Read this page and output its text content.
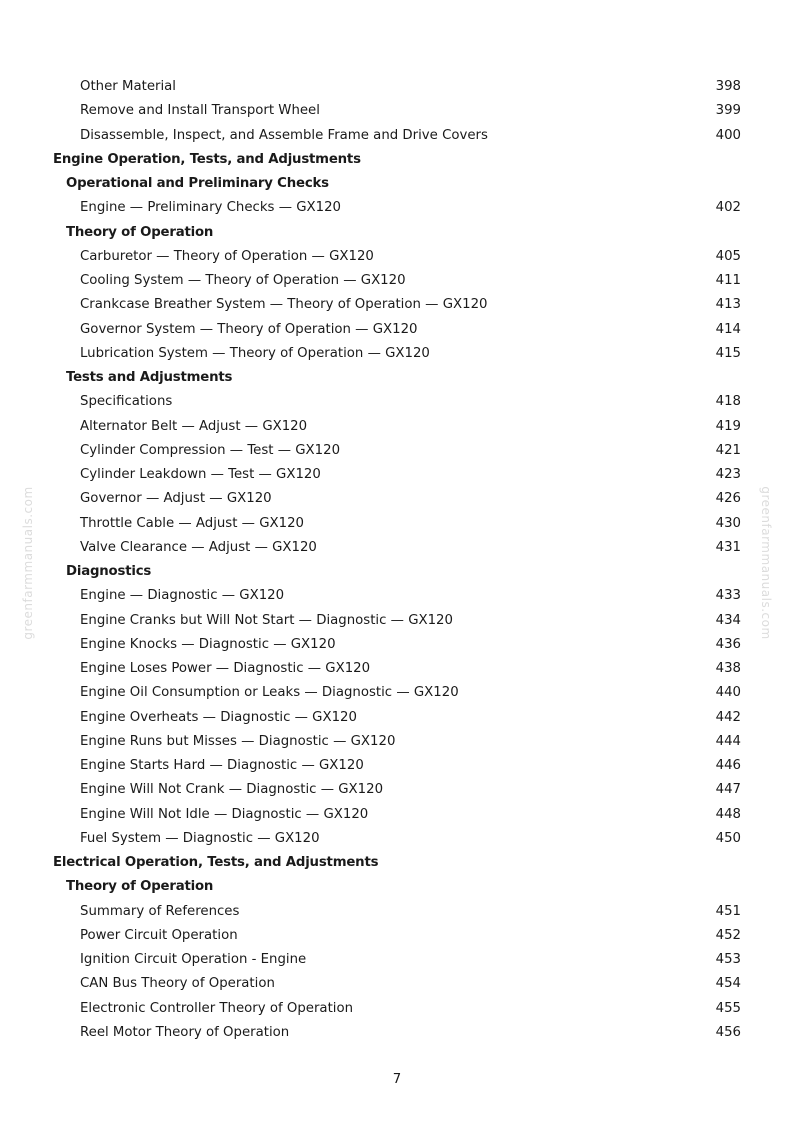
Other Material	398
Remove and Install Transport Wheel	399
Disassemble, Inspect, and Assemble Frame and Drive Covers	400
Engine Operation, Tests, and Adjustments
Operational and Preliminary Checks
Engine — Preliminary Checks — GX120	402
Theory of Operation
Carburetor — Theory of Operation — GX120	405
Cooling System — Theory of Operation — GX120	411
Crankcase Breather System — Theory of Operation — GX120	413
Governor System — Theory of Operation — GX120	414
Lubrication System — Theory of Operation — GX120	415
Tests and Adjustments
Specifications	418
Alternator Belt — Adjust — GX120	419
Cylinder Compression — Test — GX120	421
Cylinder Leakdown — Test — GX120	423
Governor — Adjust — GX120	426
Throttle Cable — Adjust — GX120	430
Valve Clearance — Adjust — GX120	431
Diagnostics
Engine — Diagnostic — GX120	433
Engine Cranks but Will Not Start — Diagnostic — GX120	434
Engine Knocks — Diagnostic — GX120	436
Engine Loses Power — Diagnostic — GX120	438
Engine Oil Consumption or Leaks — Diagnostic — GX120	440
Engine Overheats — Diagnostic — GX120	442
Engine Runs but Misses — Diagnostic — GX120	444
Engine Starts Hard — Diagnostic — GX120	446
Engine Will Not Crank — Diagnostic — GX120	447
Engine Will Not Idle — Diagnostic — GX120	448
Fuel System — Diagnostic — GX120	450
Electrical Operation, Tests, and Adjustments
Theory of Operation
Summary of References	451
Power Circuit Operation	452
Ignition Circuit Operation - Engine	453
CAN Bus Theory of Operation	454
Electronic Controller Theory of Operation	455
Reel Motor Theory of Operation	456
greenfarmmanuals.com	greenfarmmanuals.com
7
